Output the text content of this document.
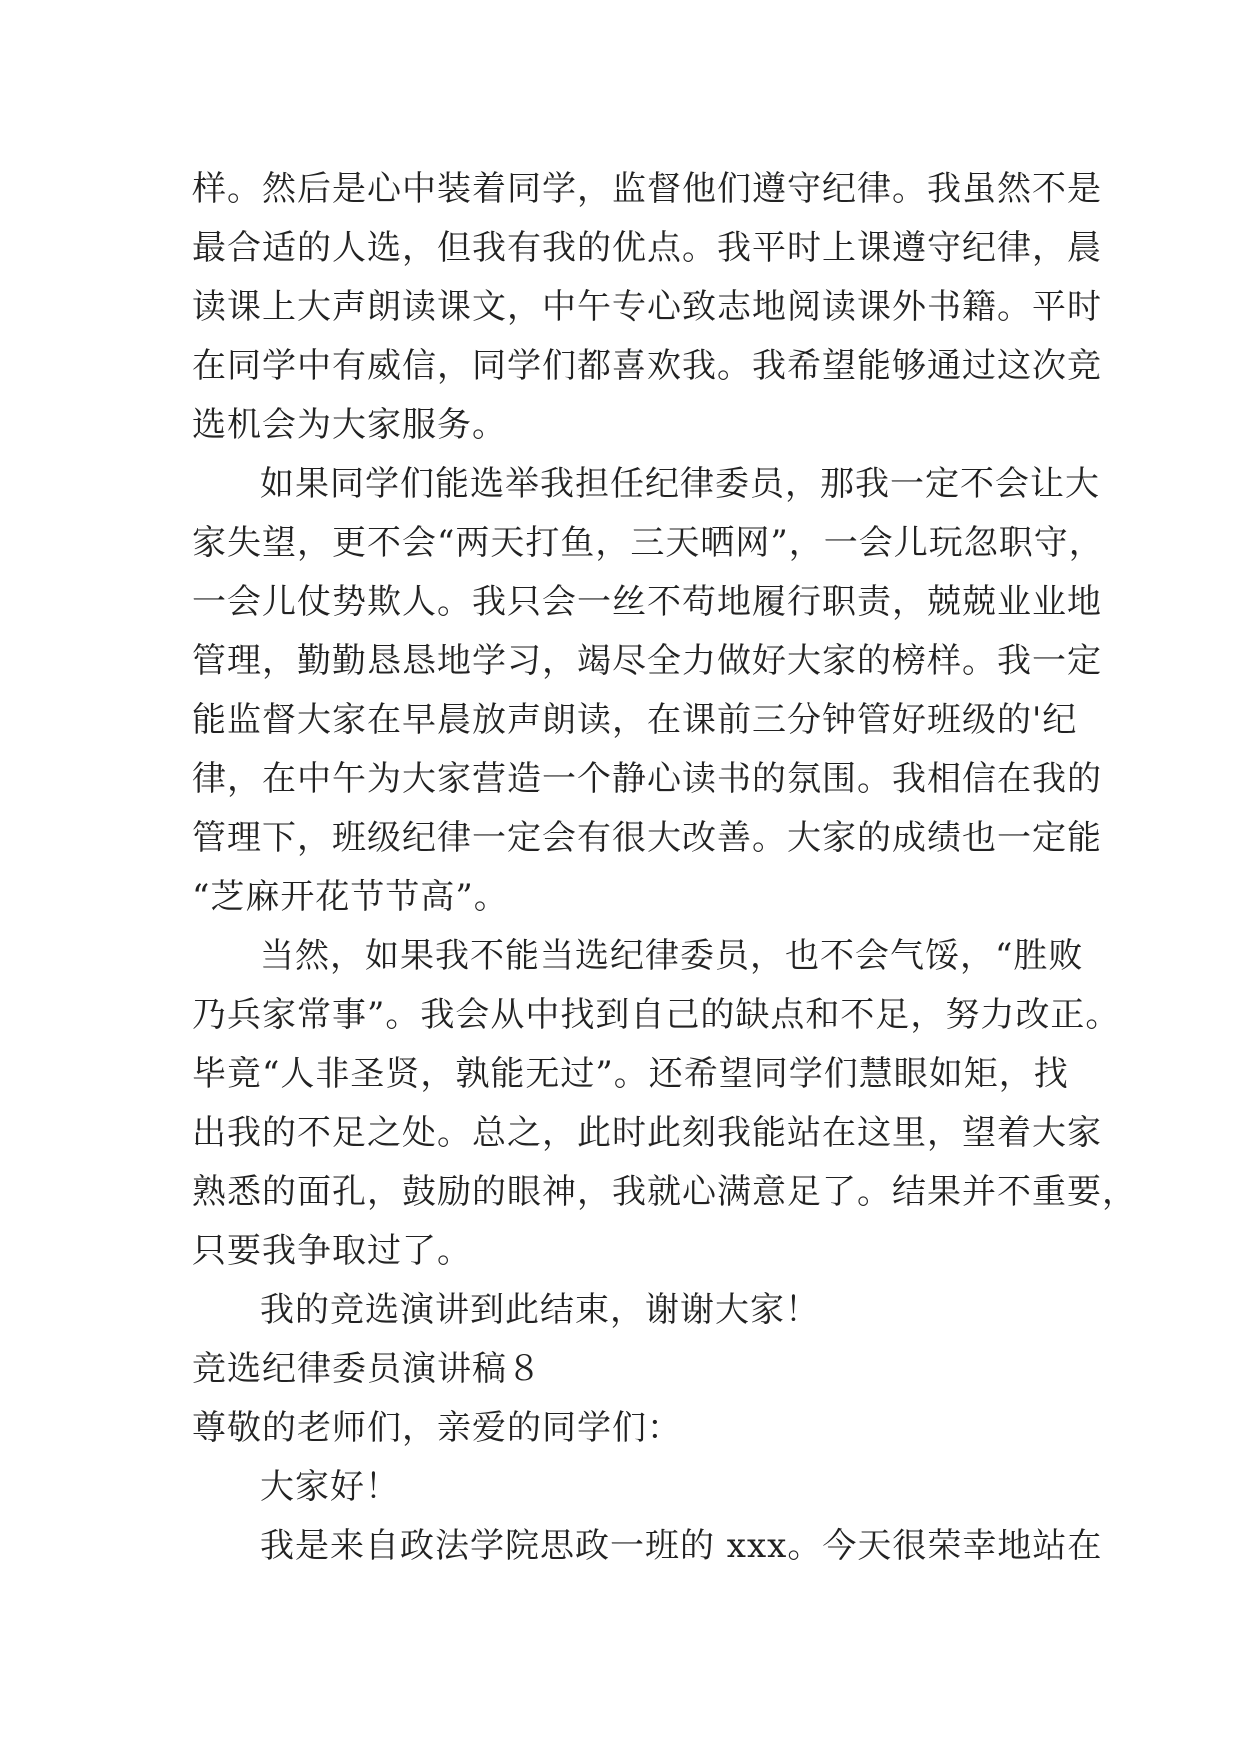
样。然后是心中装着同学，监督他们遵守纪律。我虽然不是
最合适的人选，但我有我的优点。我平时上课遵守纪律，晨
读课上大声朗读课文，中午专心致志地阅读课外书籍。平时
在同学中有威信，同学们都喜欢我。我希望能够通过这次竞
选机会为大家服务。
如果同学们能选举我担任纪律委员，那我一定不会让大
家失望，更不会“两天打鱼，三天晒网”，一会儿玩忽职守，
一会儿仗势欺人。我只会一丝不苟地履行职责，兢兢业业地
管理，勤勤恳恳地学习，竭尽全力做好大家的榜样。我一定
能监督大家在早晨放声朗读，在课前三分钟管好班级的'纪
律，在中午为大家营造一个静心读书的氛围。我相信在我的
管理下，班级纪律一定会有很大改善。大家的成绩也一定能
“芝麻开花节节高”。
当然，如果我不能当选纪律委员，也不会气馁，“胜败
乃兵家常事”。我会从中找到自己的缺点和不足，努力改正。
毕竟“人非圣贤，孰能无过”。还希望同学们慧眼如矩，找
出我的不足之处。总之，此时此刻我能站在这里，望着大家
熟悉的面孔，鼓励的眼神，我就心满意足了。结果并不重要，
只要我争取过了。
我的竞选演讲到此结束，谢谢大家！
竞选纪律委员演讲稿８
尊敬的老师们，亲爱的同学们：
大家好！
我是来自政法学院思政一班的 xxx。今天很荣幸地站在
